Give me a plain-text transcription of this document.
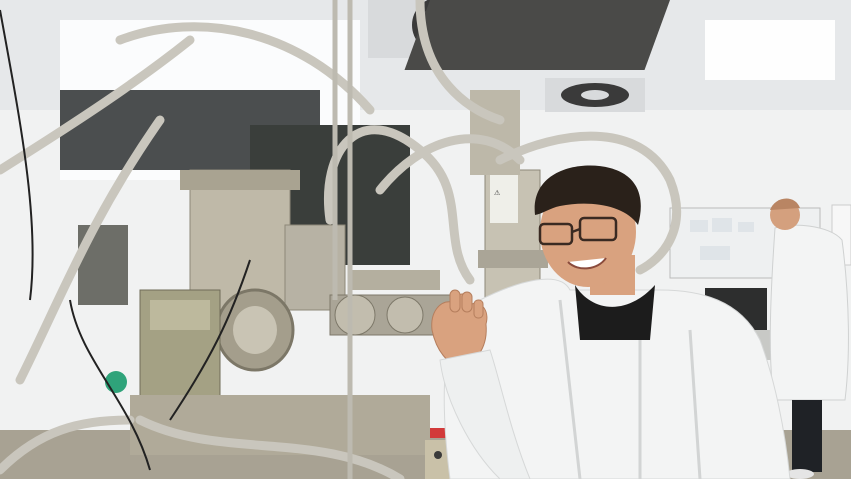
⚠
